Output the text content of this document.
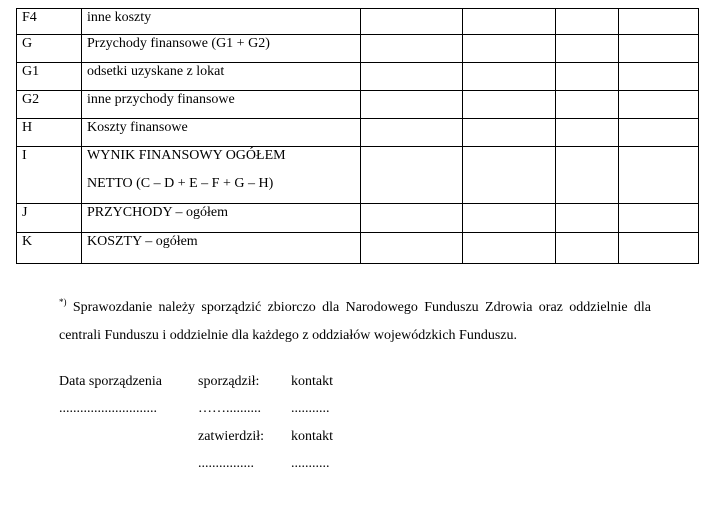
F4	inne koszty				
G	Przychody finansowe (G1 + G2)				
G1	odsetki uzyskane z lokat				
G2	inne przychody finansowe				
H	Koszty finansowe				
I	WYNIK FINANSOWY OGÓŁEM
NETTO (C – D + E – F + G – H)				

J	PRZYCHODY – ogółem				
K	KOSZTY – ogółem				
*) Sprawozdanie należy sporządzić zbiorczo dla Narodowego Funduszu Zdrowia oraz oddzielnie dla centrali Funduszu i oddzielnie dla każdego z oddziałów wojewódzkich Funduszu.
Data sporządzenia
............................
sporządził:
……..........
kontakt
...........
zatwierdził:
................
kontakt
...........
